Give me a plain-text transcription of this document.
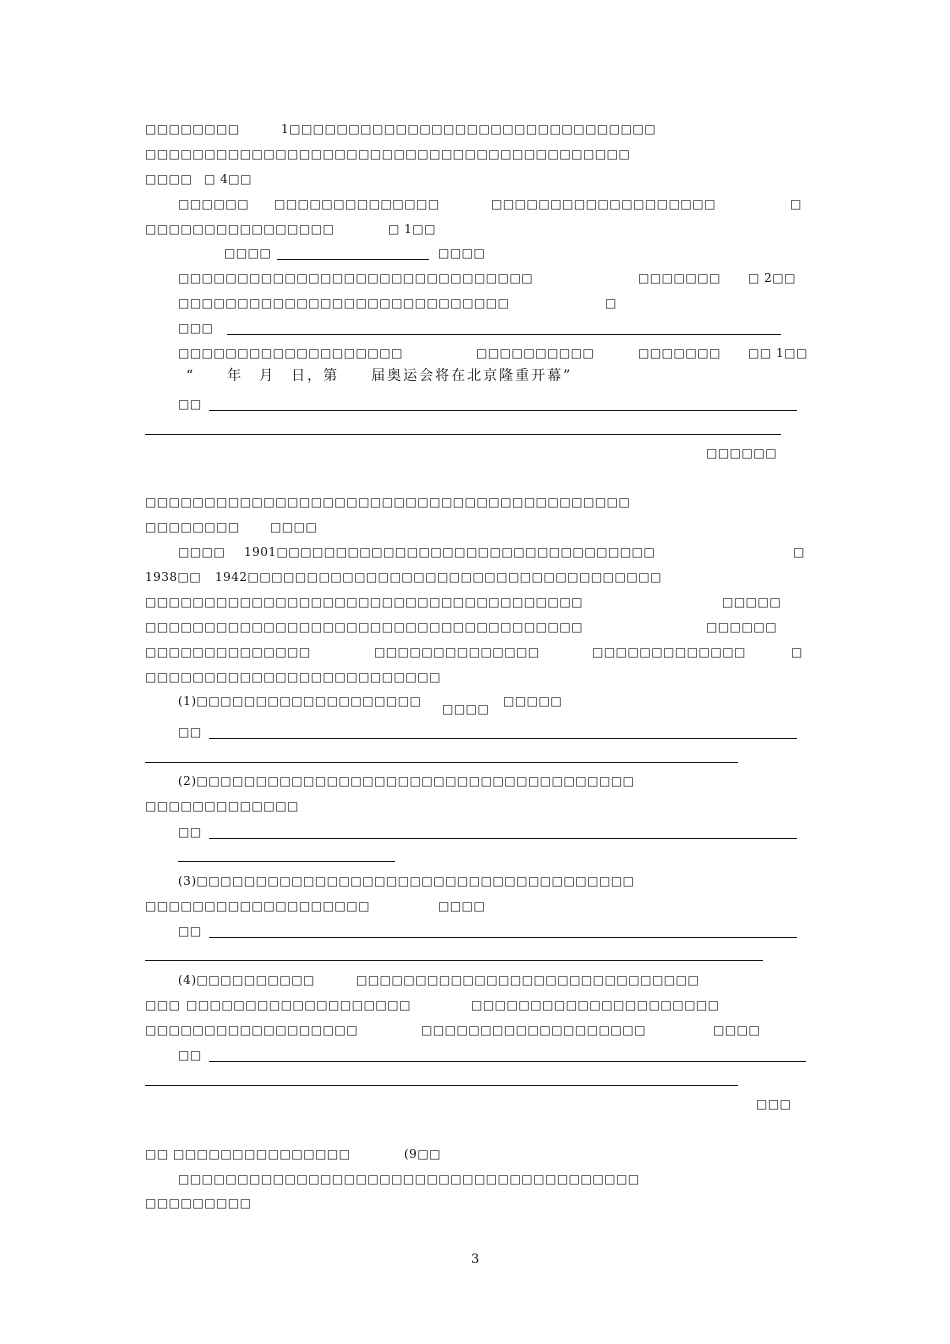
□□□□□□□□	1□□□□□□□□□□□□□□□□□□□□□□□□□□□□□□□
□□□□□□□□□□□□□□□□□□□□□□□□□□□□□□□□□□□□□□□□□
□□□□ □ 4□□
□□□□□□ □□□□□□□□□□□□□□	□□□□□□□□□□□□□□□□□□□	□
□□□□□□□□□□□□□□□□	□ 1□□
□□□□	□□□□
□□□□□□□□□□□□□□□□□□□□□□□□□□□□□□	□□□□□□□ □ 2□□
□□□□□□□□□□□□□□□□□□□□□□□□□□□□	□
□□□
□□□□□□□□□□□□□□□□□□□	□□□□□□□□□□	□□□□□□□ □□ 1□□
“　　年　月　日，第　　届奥运会将在北京隆重开幕”
□□
□□□□□□
□□□□□□□□□□□□□□□□□□□□□□□□□□□□□□□□□□□□□□□□□
□□□□□□□□	□□□□
□□□□ 1901□□□□□□□□□□□□□□□□□□□□□□□□□□□□□□□□	□
1938□□ 1942□□□□□□□□□□□□□□□□□□□□□□□□□□□□□□□□□□□
□□□□□□□□□□□□□□□□□□□□□□□□□□□□□□□□□□□□□	□□□□□
□□□□□□□□□□□□□□□□□□□□□□□□□□□□□□□□□□□□□	□□□□□□
□□□□□□□□□□□□□□	□□□□□□□□□□□□□□	□□□□□□□□□□□□□	□
□□□□□□□□□□□□□□□□□□□□□□□□□
(1)□□□□□□□□□□□□□□□□□□□
□□□□
□□□□□
□□
(2)□□□□□□□□□□□□□□□□□□□□□□□□□□□□□□□□□□□□□
□□□□□□□□□□□□□
□□
(3)□□□□□□□□□□□□□□□□□□□□□□□□□□□□□□□□□□□□□
□□□□□□□□□□□□□□□□□□□	□□□□
□□
(4)□□□□□□□□□□	□□□□□□□□□□□□□□□□□□□□□□□□□□□□□
□□□ □□□□□□□□□□□□□□□□□□□	□□□□□□□□□□□□□□□□□□□□□
□□□□□□□□□□□□□□□□□□	□□□□□□□□□□□□□□□□□□□	□□□□
□□
□□□
□□ □□□□□□□□□□□□□□□	(9□□
□□□□□□□□□□□□□□□□□□□□□□□□□□□□□□□□□□□□□□□
□□□□□□□□□
3
